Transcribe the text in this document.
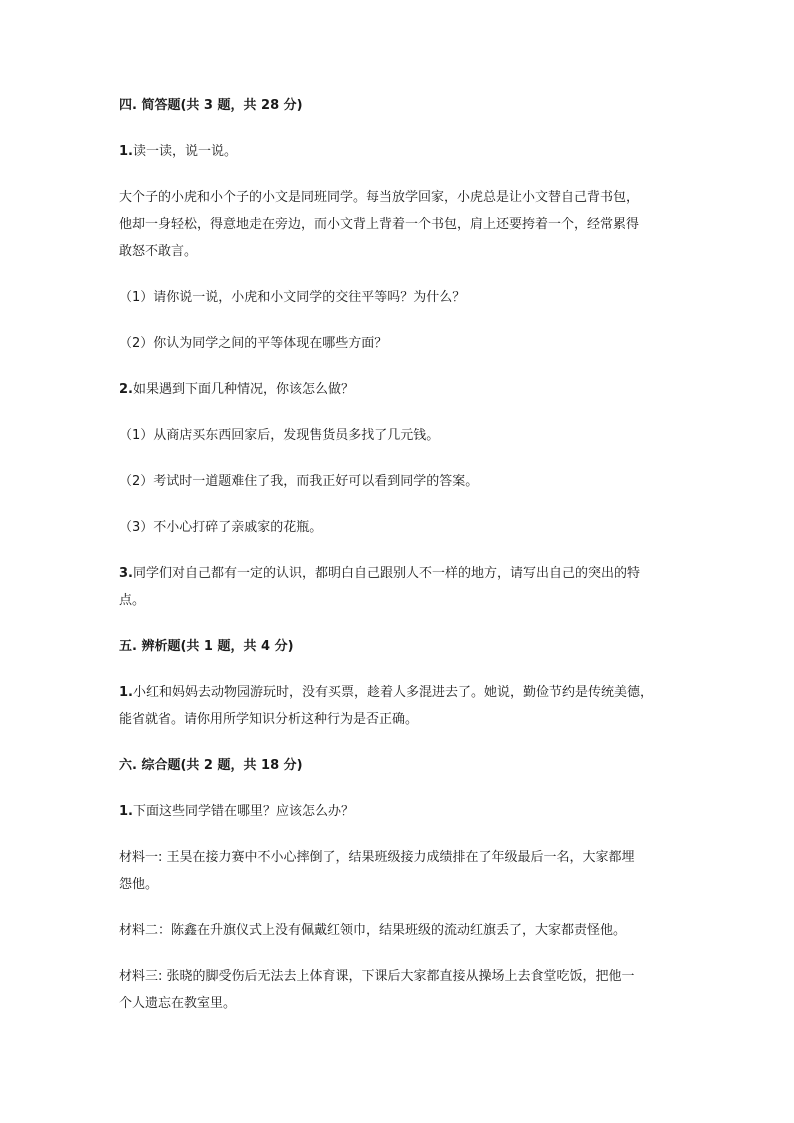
四. 简答题(共 3 题，共 28 分)
1.读一读，说一说。
大个子的小虎和小个子的小文是同班同学。每当放学回家，小虎总是让小文替自己背书包，
他却一身轻松，得意地走在旁边，而小文背上背着一个书包，肩上还要挎着一个，经常累得
敢怒不敢言。
（1）请你说一说，小虎和小文同学的交往平等吗？为什么？
（2）你认为同学之间的平等体现在哪些方面？
2.如果遇到下面几种情况，你该怎么做？
（1）从商店买东西回家后，发现售货员多找了几元钱。
（2）考试时一道题难住了我，而我正好可以看到同学的答案。
（3）不小心打碎了亲戚家的花瓶。
3.同学们对自己都有一定的认识，都明白自己跟别人不一样的地方，请写出自己的突出的特
点。
五. 辨析题(共 1 题，共 4 分)
1.小红和妈妈去动物园游玩时，没有买票，趁着人多混进去了。她说，勤俭节约是传统美德，
能省就省。请你用所学知识分析这种行为是否正确。
六. 综合题(共 2 题，共 18 分)
1.下面这些同学错在哪里？应该怎么办？
材料一: 王昊在接力赛中不小心摔倒了，结果班级接力成绩排在了年级最后一名，大家都埋
怨他。
材料二：陈鑫在升旗仪式上没有佩戴红领巾，结果班级的流动红旗丢了，大家都责怪他。
材料三: 张晓的脚受伤后无法去上体育课，下课后大家都直接从操场上去食堂吃饭，把他一
个人遗忘在教室里。
